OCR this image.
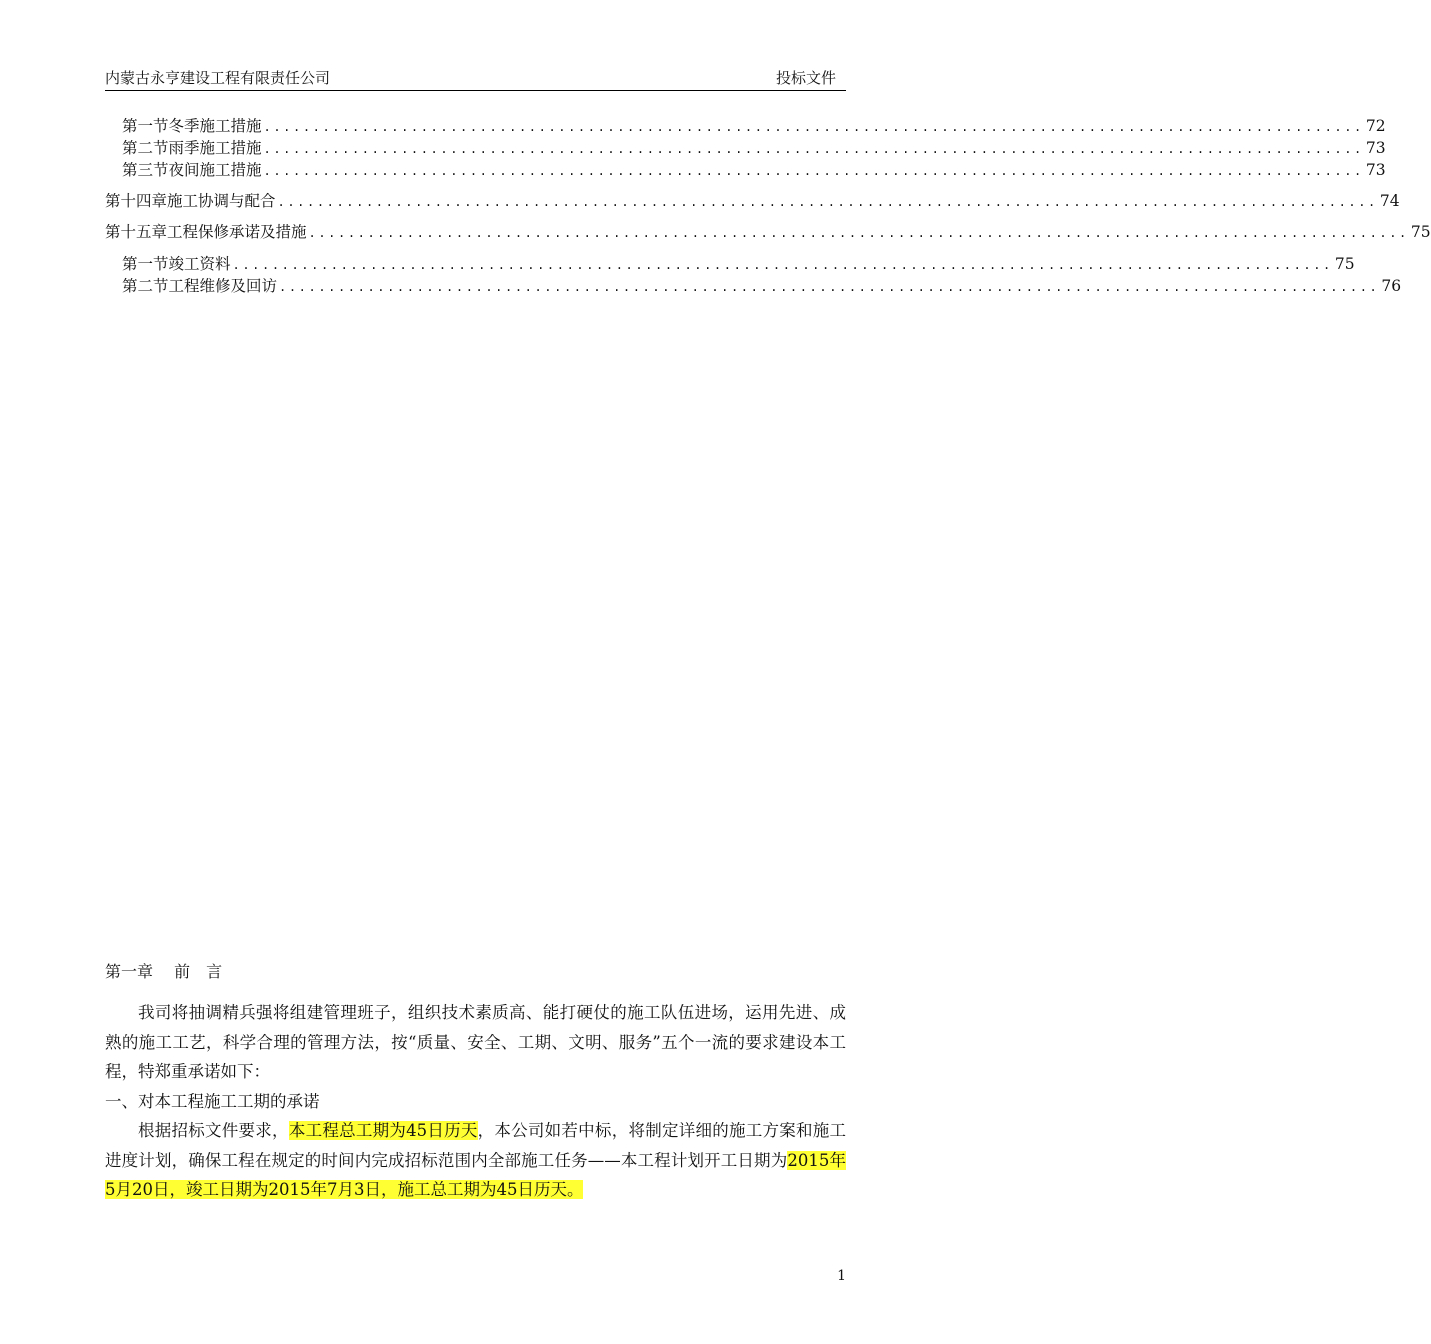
内蒙古永亨建设工程有限责任公司	投标文件
第一节 冬季施工措施 ................................................................................................................ 72
第二节 雨季施工措施 ................................................................................................................ 73
第三节 夜间施工措施 ................................................................................................................ 73
第十四章 施工协调与配合 ................................................................................................................ 74
第十五章 工程保修承诺及措施 ................................................................................................................ 75
第一节 竣工资料 ................................................................................................................ 75
第二节 工程维修及回访 ................................................................................................................ 76
第一章　 前　言
我司将抽调精兵强将组建管理班子，组织技术素质高、能打硬仗的施工队伍进场，运用先进、成熟的施工工艺，科学合理的管理方法，按“质量、安全、工期、文明、服务”五个一流的要求建设本工程，特郑重承诺如下：
一、对本工程施工工期的承诺
根据招标文件要求，本工程总工期为45日历天，本公司如若中标，将制定详细的施工方案和施工进度计划，确保工程在规定的时间内完成招标范围内全部施工任务——本工程计划开工日期为2015年5月20日，竣工日期为2015年7月3日，施工总工期为45日历天。
1
